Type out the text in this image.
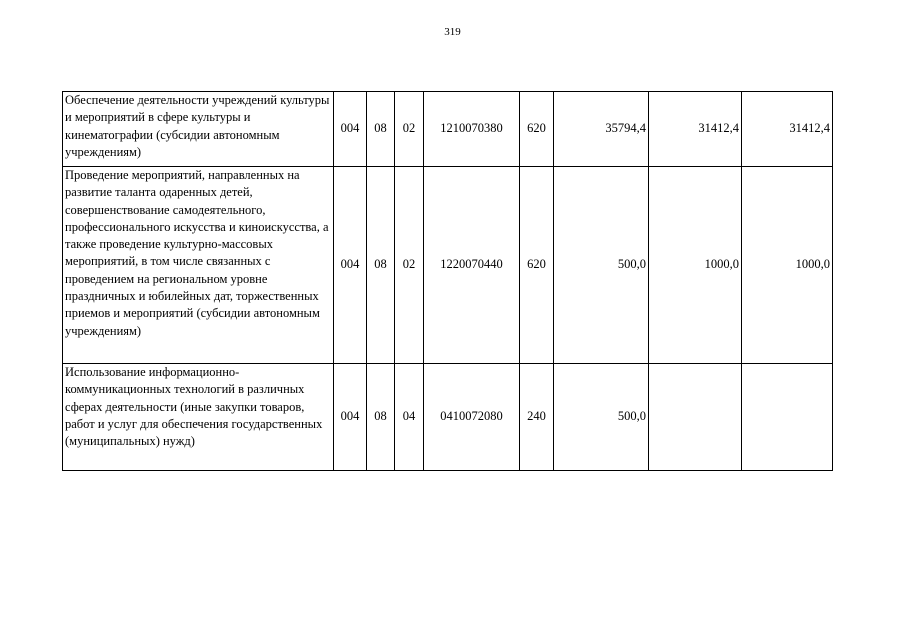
319
Обеспечение деятельности учреждений культуры и мероприятий в сфере культуры и кинематографии (субсидии автономным учреждениям)	004	08	02	1210070380	620	35794,4	31412,4	31412,4
Проведение мероприятий, направленных на развитие таланта одаренных детей, совершенствование самодеятельного, профессионального искусства и киноискусства, а также проведение культурно-массовых мероприятий, в том числе связанных с проведением на региональном уровне праздничных и юбилейных дат, торжественных приемов и мероприятий (субсидии автономным учреждениям)	004	08	02	1220070440	620	500,0	1000,0	1000,0
Использование информационно-коммуникационных технологий в различных сферах деятельности (иные закупки товаров, работ и услуг для обеспечения государственных (муниципальных) нужд)	004	08	04	0410072080	240	500,0		
